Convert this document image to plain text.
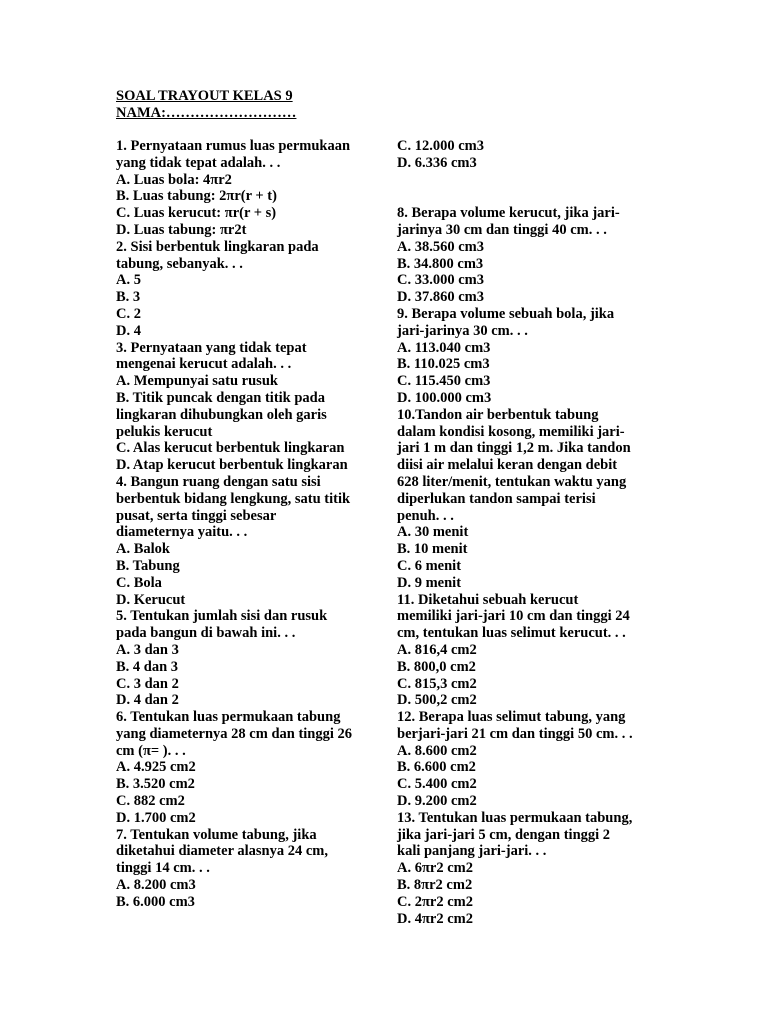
SOAL TRAYOUT KELAS 9
NAMA:………………………
1. Pernyataan rumus luas permukaan
yang tidak tepat adalah. . .
A. Luas bola: 4πr2
B. Luas tabung: 2πr(r + t)
C. Luas kerucut: πr(r + s)
D. Luas tabung: πr2t
2. Sisi berbentuk lingkaran pada
tabung, sebanyak. . .
A. 5
B. 3
C. 2
D. 4
3. Pernyataan yang tidak tepat
mengenai kerucut adalah. . .
A. Mempunyai satu rusuk
B. Titik puncak dengan titik pada
lingkaran dihubungkan oleh garis
pelukis kerucut
C. Alas kerucut berbentuk lingkaran
D. Atap kerucut berbentuk lingkaran
4. Bangun ruang dengan satu sisi
berbentuk bidang lengkung, satu titik
pusat, serta tinggi sebesar
diameternya yaitu. . .
A. Balok
B. Tabung
C. Bola
D. Kerucut
5. Tentukan jumlah sisi dan rusuk
pada bangun di bawah ini. . .
A. 3 dan 3
B. 4 dan 3
C. 3 dan 2
D. 4 dan 2
6. Tentukan luas permukaan tabung
yang diameternya 28 cm dan tinggi 26
cm (π= ). . .
A. 4.925 cm2
B. 3.520 cm2
C. 882 cm2
D. 1.700 cm2
7. Tentukan volume tabung, jika
diketahui diameter alasnya 24 cm,
tinggi 14 cm. . .
A. 8.200 cm3
B. 6.000 cm3
C. 12.000 cm3
D. 6.336 cm3
8. Berapa volume kerucut, jika jari-
jarinya 30 cm dan tinggi 40 cm. . .
A. 38.560 cm3
B. 34.800 cm3
C. 33.000 cm3
D. 37.860 cm3
9. Berapa volume sebuah bola, jika
jari-jarinya 30 cm. . .
A. 113.040 cm3
B. 110.025 cm3
C. 115.450 cm3
D. 100.000 cm3
10.Tandon air berbentuk tabung
dalam kondisi kosong, memiliki jari-
jari 1 m dan tinggi 1,2 m. Jika tandon
diisi air melalui keran dengan debit
628 liter/menit, tentukan waktu yang
diperlukan tandon sampai terisi
penuh. . .
A. 30 menit
B. 10 menit
C. 6 menit
D. 9 menit
11. Diketahui sebuah kerucut
memiliki jari-jari 10 cm dan tinggi 24
cm, tentukan luas selimut kerucut. . .
A. 816,4 cm2
B. 800,0 cm2
C. 815,3 cm2
D. 500,2 cm2
12. Berapa luas selimut tabung, yang
berjari-jari 21 cm dan tinggi 50 cm. . .
A. 8.600 cm2
B. 6.600 cm2
C. 5.400 cm2
D. 9.200 cm2
13. Tentukan luas permukaan tabung,
jika jari-jari 5 cm, dengan tinggi 2
kali panjang jari-jari. . .
A. 6πr2 cm2
B. 8πr2 cm2
C. 2πr2 cm2
D. 4πr2 cm2
